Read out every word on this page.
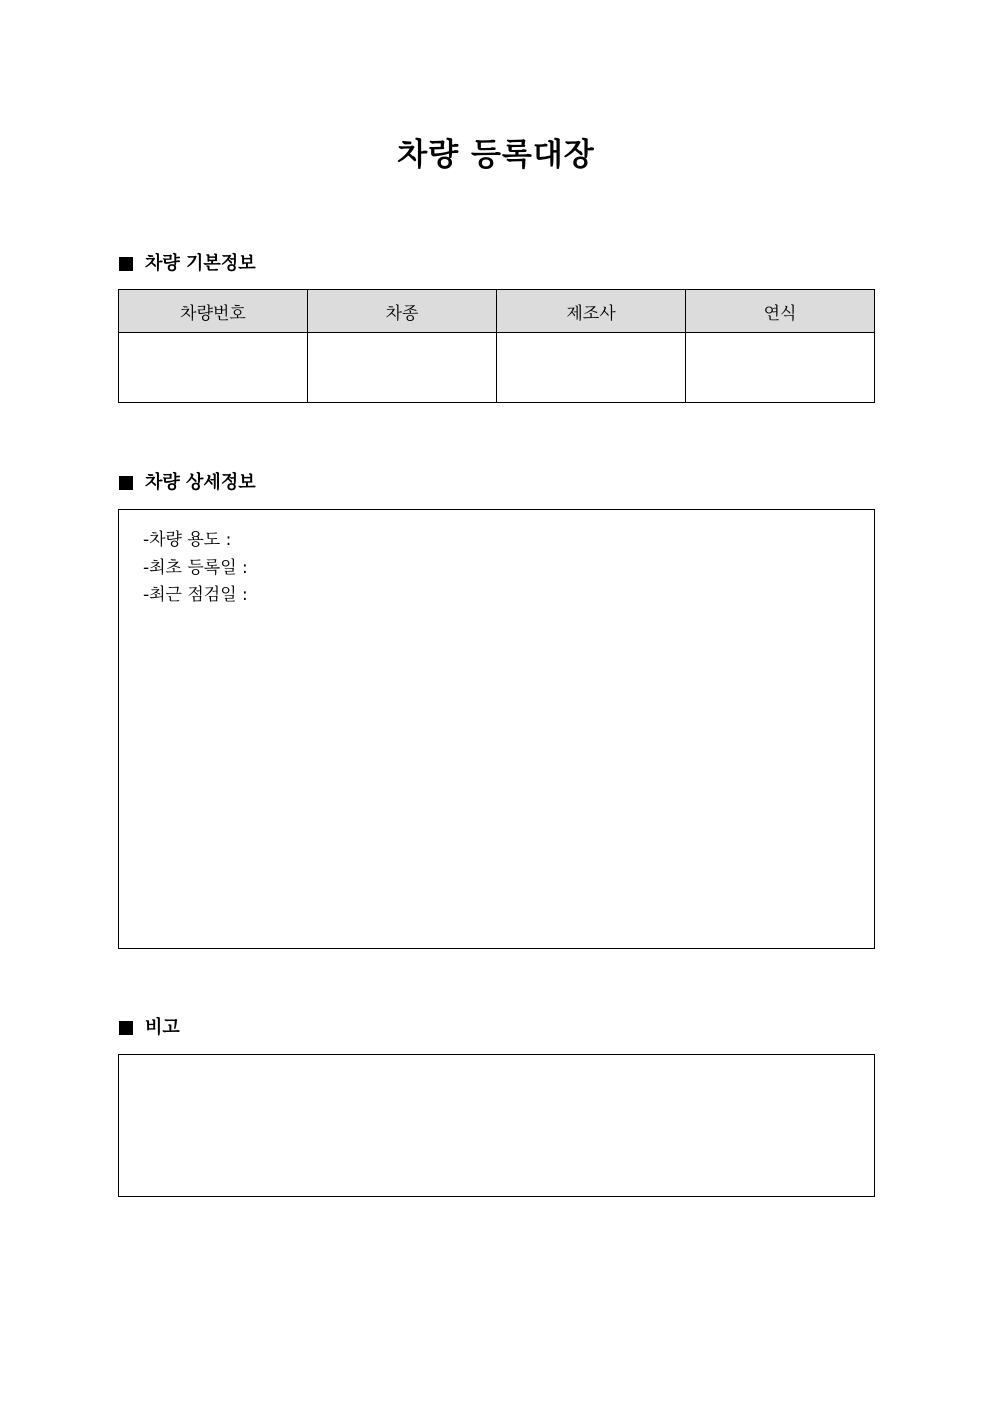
차량 등록대장
차량 기본정보
차량번호	차종	제조사	연식

차량 상세정보
-차량 용도 :
-최초 등록일 :
-최근 점검일 :
비고
